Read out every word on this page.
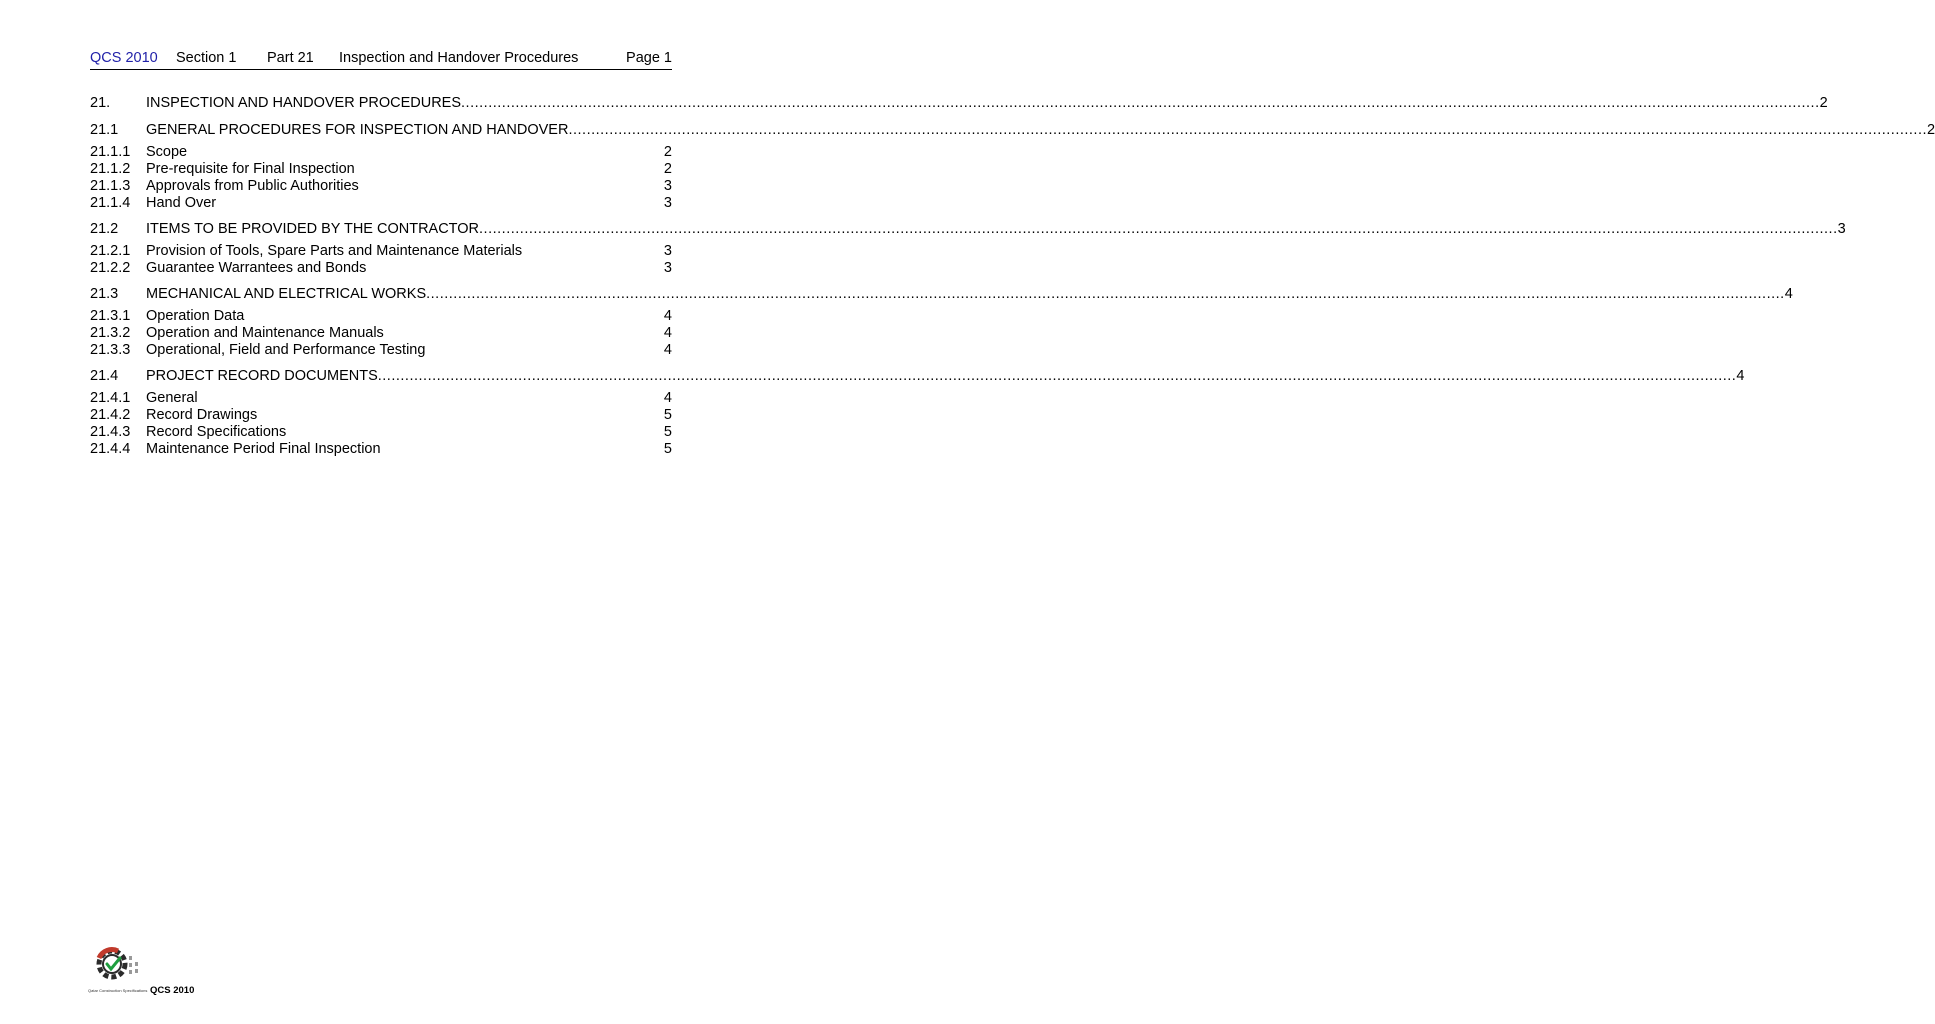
QCS 2010 Section 1 Part 21 Inspection and Handover Procedures	Page 1
21. INSPECTION AND HANDOVER PROCEDURES ............................................................................................................................................................................................................................................................................................................ 2
21.1 GENERAL PROCEDURES FOR INSPECTION AND HANDOVER ............................................................................................................................................................................................................................................................................................................ 2
21.1.1 Scope	2
21.1.2 Pre-requisite for Final Inspection	2
21.1.3 Approvals from Public Authorities	3
21.1.4 Hand Over	3
21.2 ITEMS TO BE PROVIDED BY THE CONTRACTOR ............................................................................................................................................................................................................................................................................................................ 3
21.2.1 Provision of Tools, Spare Parts and Maintenance Materials	3
21.2.2 Guarantee Warrantees and Bonds	3
21.3 MECHANICAL AND ELECTRICAL WORKS ............................................................................................................................................................................................................................................................................................................ 4
21.3.1 Operation Data	4
21.3.2 Operation and Maintenance Manuals	4
21.3.3 Operational, Field and Performance Testing	4
21.4 PROJECT RECORD DOCUMENTS ............................................................................................................................................................................................................................................................................................................ 4
21.4.1 General	4
21.4.2 Record Drawings	5
21.4.3 Record Specifications	5
21.4.4 Maintenance Period Final Inspection	5
Qatar Construction Specifications QCS 2010
